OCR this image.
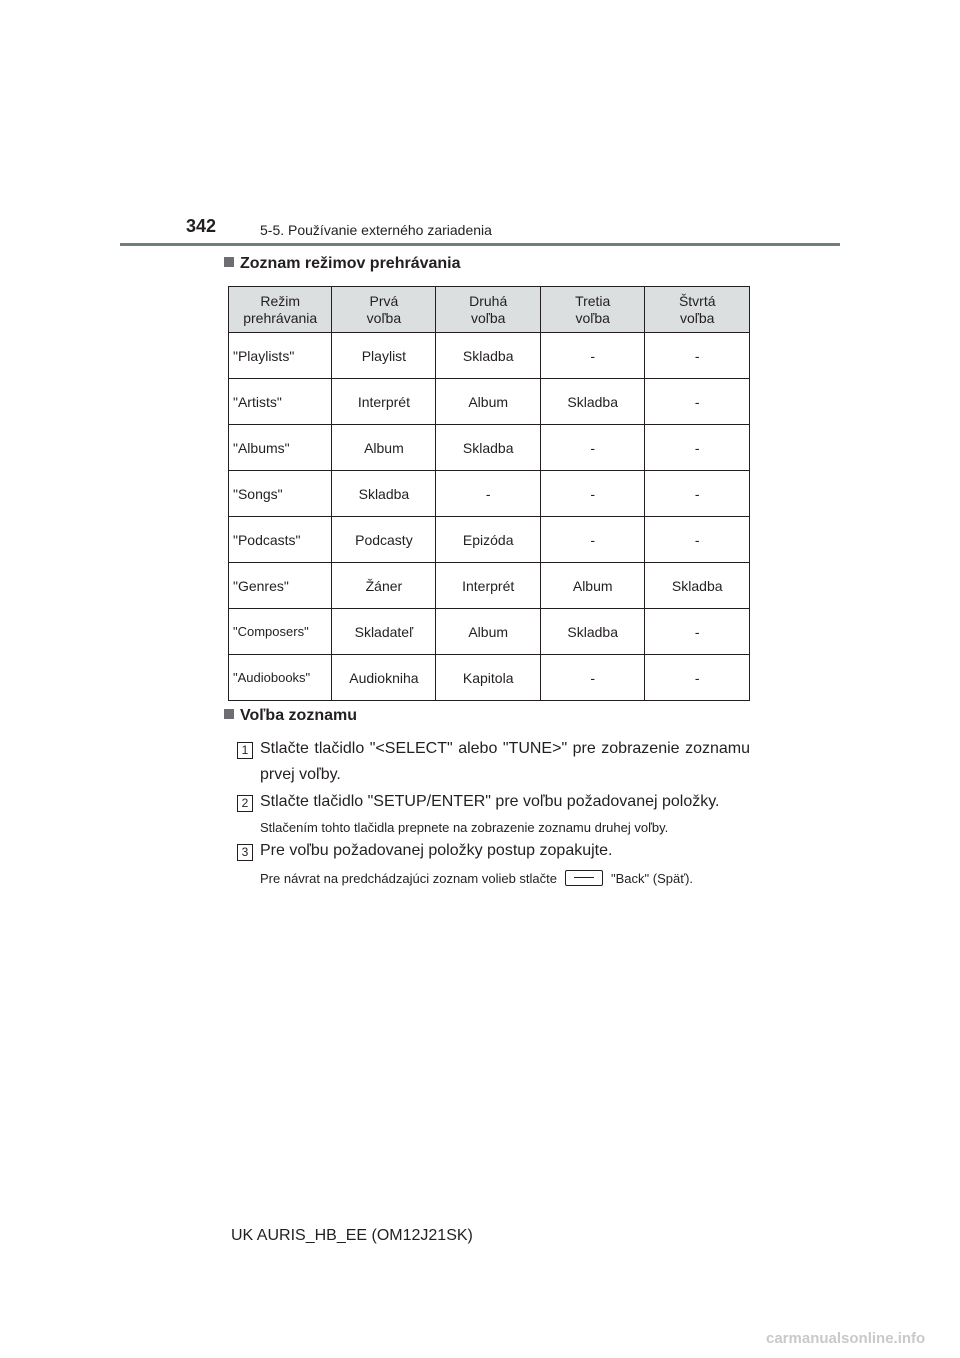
342	5-5. Používanie externého zariadenia
Zoznam režimov prehrávania
Režim
prehrávania	Prvá
voľba	Druhá
voľba	Tretia
voľba	Štvrtá
voľba
"Playlists"	Playlist	Skladba	-	-
"Artists"	Interprét	Album	Skladba	-
"Albums"	Album	Skladba	-	-
"Songs"	Skladba	-	-	-
"Podcasts"	Podcasty	Epizóda	-	-
"Genres"	Žáner	Interprét	Album	Skladba
"Composers"	Skladateľ	Album	Skladba	-
"Audiobooks"	Audiokniha	Kapitola	-	-
Voľba zoznamu
1 Stlačte tlačidlo "<SELECT" alebo "TUNE>" pre zobrazenie zoznamu prvej voľby.
2 Stlačte tlačidlo "SETUP/ENTER" pre voľbu požadovanej položky.
Stlačením tohto tlačidla prepnete na zobrazenie zoznamu druhej voľby.
3 Pre voľbu požadovanej položky postup zopakujte.
Pre návrat na predchádzajúci zoznam volieb stlačte	"Back" (Späť).
UK AURIS_HB_EE (OM12J21SK)
carmanualsonline.info
